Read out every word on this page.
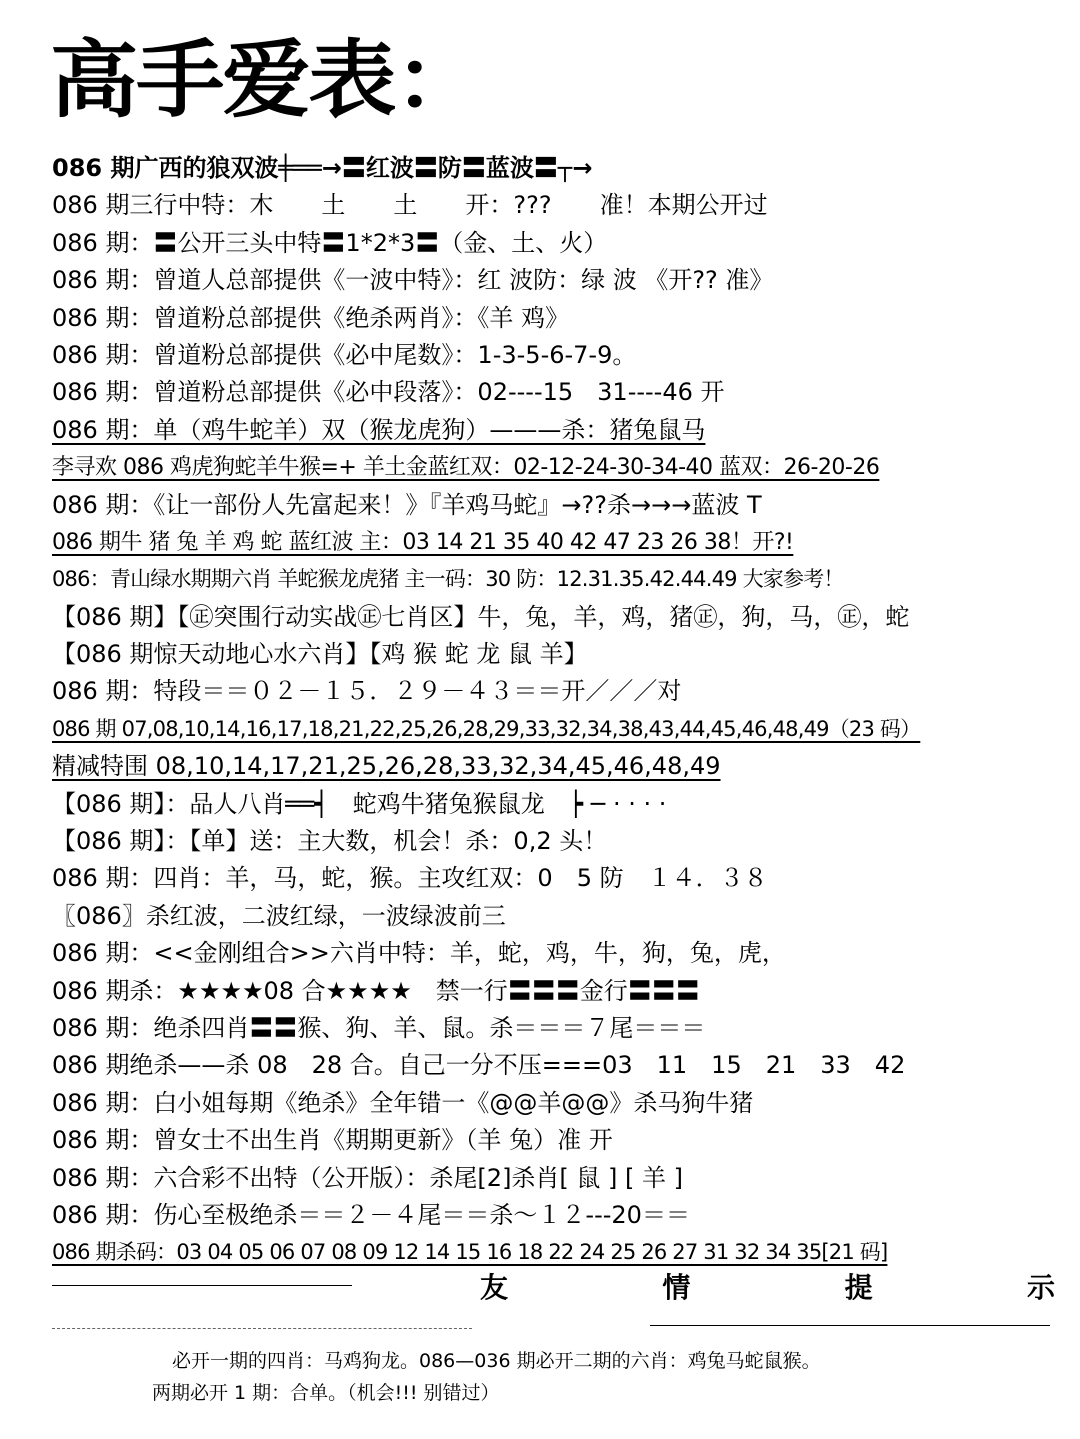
高手爱表：
086 期广西的狼双波╪══→〓红波〓防〓蓝波〓┬→
086 期三行中特：木　　土　　土　　开：???　　准！本期公开过
086 期：〓公开三头中特〓1*2*3〓（金、土、火）
086 期：曾道人总部提供《一波中特》：红 波防：绿 波 《开?? 准》
086 期：曾道粉总部提供《绝杀两肖》：《羊 鸡》
086 期：曾道粉总部提供《必中尾数》：1-3-5-6-7-9。
086 期：曾道粉总部提供《必中段落》：02----15　31----46 开
086 期：单（鸡牛蛇羊）双（猴龙虎狗）———杀：猪兔鼠马
李寻欢 086 鸡虎狗蛇羊牛猴=+ 羊土金蓝红双：02-12-24-30-34-40 蓝双：26-20-26
086 期：《让一部份人先富起来！》『羊鸡马蛇』→??杀→→→蓝波 T
086 期牛 猪 兔 羊 鸡 蛇 蓝红波 主：03 14 21 35 40 42 47 23 26 38！开?!
086：青山绿水期期六肖 羊蛇猴龙虎猪 主一码：30 防：12.31.35.42.44.49 大家参考！
【086 期】【㊣突围行动实战㊣七肖区】牛，兔，羊，鸡，猪㊣，狗，马，㊣，蛇
【086 期惊天动地心水六肖】【鸡 猴 蛇 龙 鼠 羊】
086 期：特段＝＝０２－１５．２９－４３＝＝开／／／对
086 期 07,08,10,14,16,17,18,21,22,25,26,28,29,33,32,34,38,43,44,45,46,48,49（23 码）
精减特围 08,10,14,17,21,25,26,28,33,32,34,45,46,48,49
【086 期】：品人八肖══┥　蛇鸡牛猪兔猴鼠龙　┝ ─ · · · ·
【086 期】：【单】送：主大数，机会！杀：0,2 头！
086 期：四肖：羊，马，蛇，猴。主攻红双：0　5 防　１４．３８
〖086〗杀红波，二波红绿，一波绿波前三
086 期：<<金刚组合>>六肖中特：羊，蛇，鸡，牛，狗，兔，虎，
086 期杀：★★★★08 合★★★★　禁一行〓〓〓金行〓〓〓
086 期：绝杀四肖〓〓猴、狗、羊、鼠。杀＝＝＝７尾＝＝＝
086 期绝杀——杀 08　28 合。自己一分不压===03　11　15　21　33　42
086 期：白小姐每期《绝杀》全年错一《@@羊@@》杀马狗牛猪
086 期：曾女士不出生肖《期期更新》（羊 兔）准 开
086 期：六合彩不出特（公开版）：杀尾[2]杀肖[ 鼠 ] [ 羊 ]
086 期：伤心至极绝杀＝＝２－４尾＝＝杀～１２---20＝＝
086 期杀码：03 04 05 06 07 08 09 12 14 15 16 18 22 24 25 26 27 31 32 34 35[21 码]
友	情	提	示
必开一期的四肖：马鸡狗龙。086—036 期必开二期的六肖：鸡兔马蛇鼠猴。
两期必开 1 期：合单。（机会!!! 别错过）
